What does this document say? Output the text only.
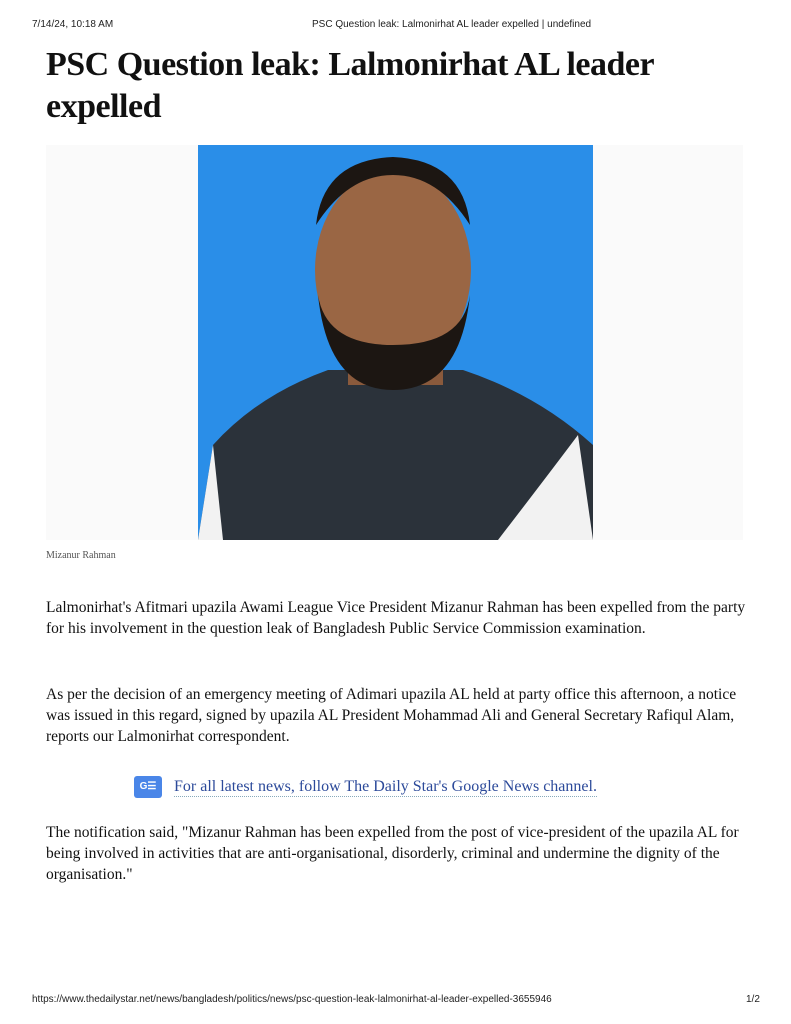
7/14/24, 10:18 AM	PSC Question leak: Lalmonirhat AL leader expelled | undefined
PSC Question leak: Lalmonirhat AL leader expelled
Mizanur Rahman

Lalmonirhat's Afitmari upazila Awami League Vice President Mizanur Rahman has been expelled from the party for his involvement in the question leak of Bangladesh Public Service Commission examination.

As per the decision of an emergency meeting of Adimari upazila AL held at party office this afternoon, a notice was issued in this regard, signed by upazila AL President Mohammad Ali and General Secretary Rafiqul Alam, reports our Lalmonirhat correspondent.

G☰	For all latest news, follow The Daily Star's Google News channel.

The notification said, "Mizanur Rahman has been expelled from the post of vice-president of the upazila AL for being involved in activities that are anti-organisational, disorderly, criminal and undermine the dignity of the organisation."

https://www.thedailystar.net/news/bangladesh/politics/news/psc-question-leak-lalmonirhat-al-leader-expelled-3655946	1/2
